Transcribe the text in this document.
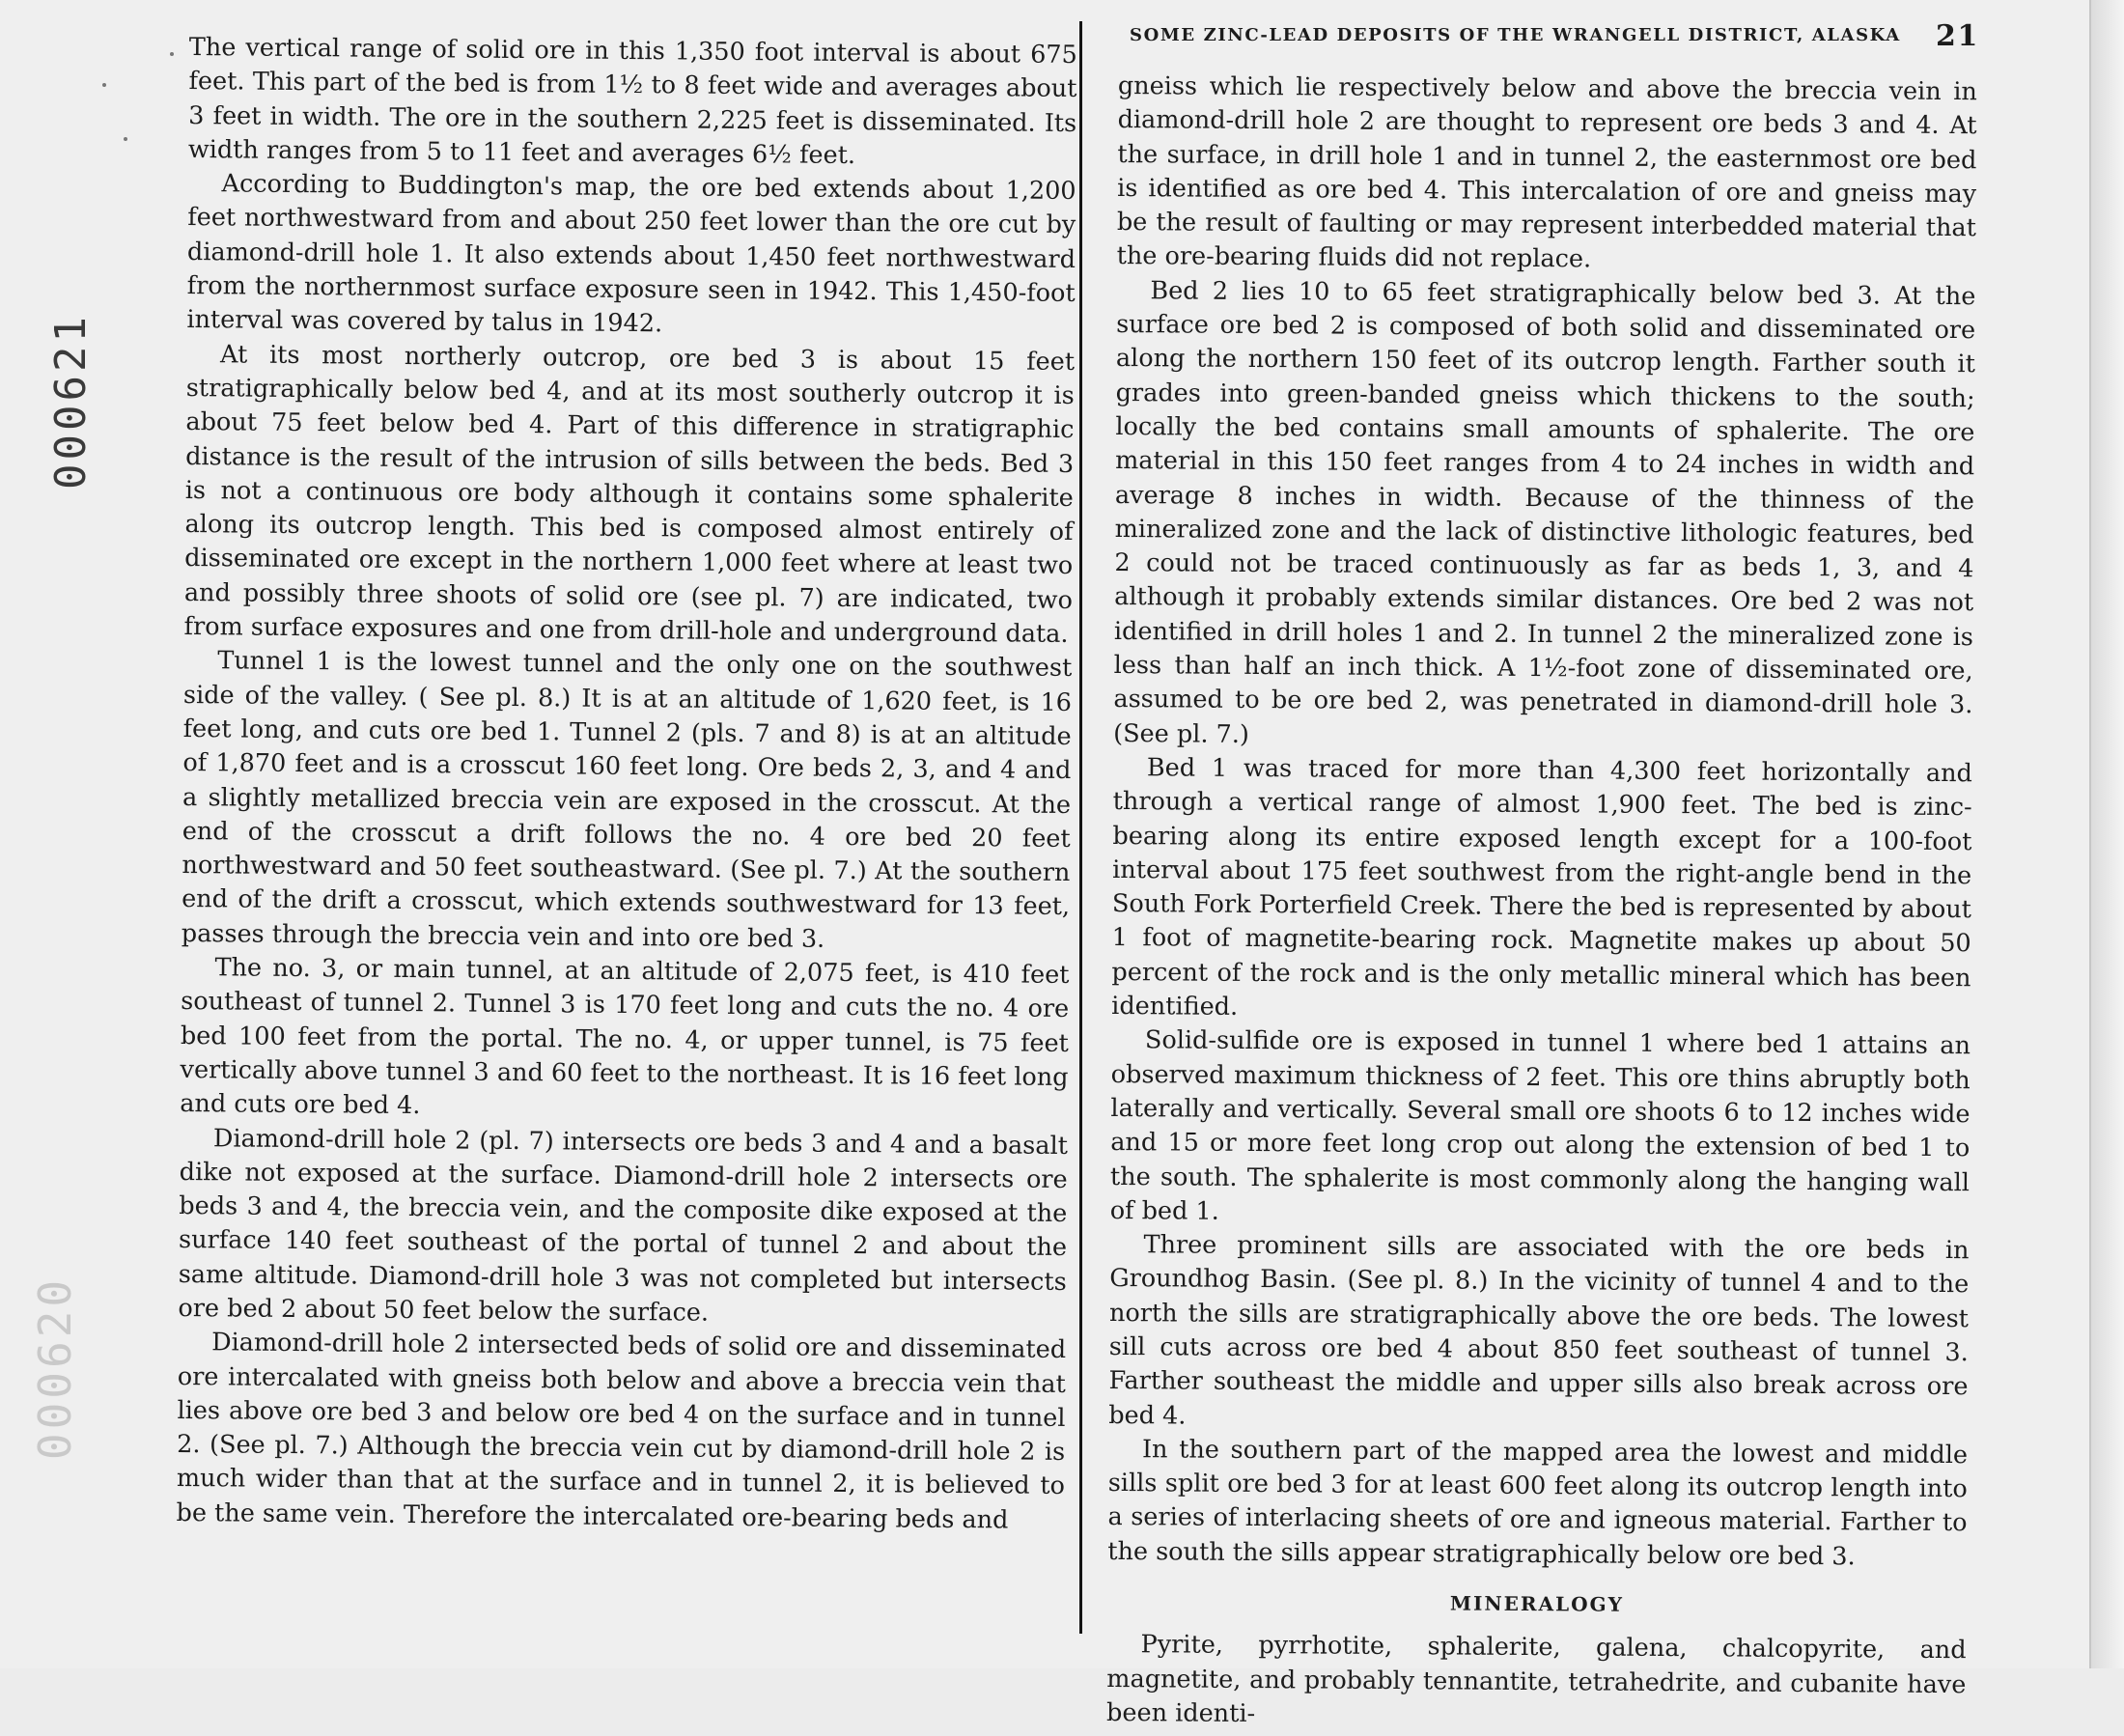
000621
000620

The vertical range of solid ore in this 1,350 foot interval is about 675 feet. This part of the bed is from 1½ to 8 feet wide and averages about 3 feet in width. The ore in the southern 2,225 feet is disseminated. Its width ranges from 5 to 11 feet and averages 6½ feet.

According to Buddington's map, the ore bed extends about 1,200 feet northwestward from and about 250 feet lower than the ore cut by diamond-drill hole 1. It also extends about 1,450 feet northwestward from the northernmost surface exposure seen in 1942. This 1,450-foot interval was covered by talus in 1942.

At its most northerly outcrop, ore bed 3 is about 15 feet stratigraphically below bed 4, and at its most southerly outcrop it is about 75 feet below bed 4. Part of this difference in stratigraphic distance is the result of the intrusion of sills between the beds. Bed 3 is not a continuous ore body although it contains some sphalerite along its outcrop length. This bed is composed almost entirely of disseminated ore except in the northern 1,000 feet where at least two and possibly three shoots of solid ore (see pl. 7) are indicated, two from surface exposures and one from drill-hole and underground data.

Tunnel 1 is the lowest tunnel and the only one on the southwest side of the valley. ( See pl. 8.) It is at an altitude of 1,620 feet, is 16 feet long, and cuts ore bed 1. Tunnel 2 (pls. 7 and 8) is at an altitude of 1,870 feet and is a crosscut 160 feet long. Ore beds 2, 3, and 4 and a slightly metallized breccia vein are exposed in the crosscut. At the end of the crosscut a drift follows the no. 4 ore bed 20 feet northwestward and 50 feet southeastward. (See pl. 7.) At the southern end of the drift a crosscut, which extends southwestward for 13 feet, passes through the breccia vein and into ore bed 3.

The no. 3, or main tunnel, at an altitude of 2,075 feet, is 410 feet southeast of tunnel 2. Tunnel 3 is 170 feet long and cuts the no. 4 ore bed 100 feet from the portal. The no. 4, or upper tunnel, is 75 feet vertically above tunnel 3 and 60 feet to the northeast. It is 16 feet long and cuts ore bed 4.

Diamond-drill hole 2 (pl. 7) intersects ore beds 3 and 4 and a basalt dike not exposed at the surface. Diamond-drill hole 2 intersects ore beds 3 and 4, the breccia vein, and the composite dike exposed at the surface 140 feet southeast of the portal of tunnel 2 and about the same altitude. Diamond-drill hole 3 was not completed but intersects ore bed 2 about 50 feet below the surface.

Diamond-drill hole 2 intersected beds of solid ore and disseminated ore intercalated with gneiss both below and above a breccia vein that lies above ore bed 3 and below ore bed 4 on the surface and in tunnel 2. (See pl. 7.) Although the breccia vein cut by diamond-drill hole 2 is much wider than that at the surface and in tunnel 2, it is believed to be the same vein. Therefore the intercalated ore-bearing beds and

SOME ZINC-LEAD DEPOSITS OF THE WRANGELL DISTRICT, ALASKA 21

gneiss which lie respectively below and above the breccia vein in diamond-drill hole 2 are thought to represent ore beds 3 and 4. At the surface, in drill hole 1 and in tunnel 2, the easternmost ore bed is identified as ore bed 4. This intercalation of ore and gneiss may be the result of faulting or may represent interbedded material that the ore-bearing fluids did not replace.

Bed 2 lies 10 to 65 feet stratigraphically below bed 3. At the surface ore bed 2 is composed of both solid and disseminated ore along the northern 150 feet of its outcrop length. Farther south it grades into green-banded gneiss which thickens to the south; locally the bed contains small amounts of sphalerite. The ore material in this 150 feet ranges from 4 to 24 inches in width and average 8 inches in width. Because of the thinness of the mineralized zone and the lack of distinctive lithologic features, bed 2 could not be traced continuously as far as beds 1, 3, and 4 although it probably extends similar distances. Ore bed 2 was not identified in drill holes 1 and 2. In tunnel 2 the mineralized zone is less than half an inch thick. A 1½-foot zone of disseminated ore, assumed to be ore bed 2, was penetrated in diamond-drill hole 3. (See pl. 7.)

Bed 1 was traced for more than 4,300 feet horizontally and through a vertical range of almost 1,900 feet. The bed is zinc-bearing along its entire exposed length except for a 100-foot interval about 175 feet southwest from the right-angle bend in the South Fork Porterfield Creek. There the bed is represented by about 1 foot of magnetite-bearing rock. Magnetite makes up about 50 percent of the rock and is the only metallic mineral which has been identified.

Solid-sulfide ore is exposed in tunnel 1 where bed 1 attains an observed maximum thickness of 2 feet. This ore thins abruptly both laterally and vertically. Several small ore shoots 6 to 12 inches wide and 15 or more feet long crop out along the extension of bed 1 to the south. The sphalerite is most commonly along the hanging wall of bed 1.

Three prominent sills are associated with the ore beds in Groundhog Basin. (See pl. 8.) In the vicinity of tunnel 4 and to the north the sills are stratigraphically above the ore beds. The lowest sill cuts across ore bed 4 about 850 feet southeast of tunnel 3. Farther southeast the middle and upper sills also break across ore bed 4.

In the southern part of the mapped area the lowest and middle sills split ore bed 3 for at least 600 feet along its outcrop length into a series of interlacing sheets of ore and igneous material. Farther to the south the sills appear stratigraphically below ore bed 3.

MINERALOGY

Pyrite, pyrrhotite, sphalerite, galena, chalcopyrite, and magnetite, and probably tennantite, tetrahedrite, and cubanite have been identi-
